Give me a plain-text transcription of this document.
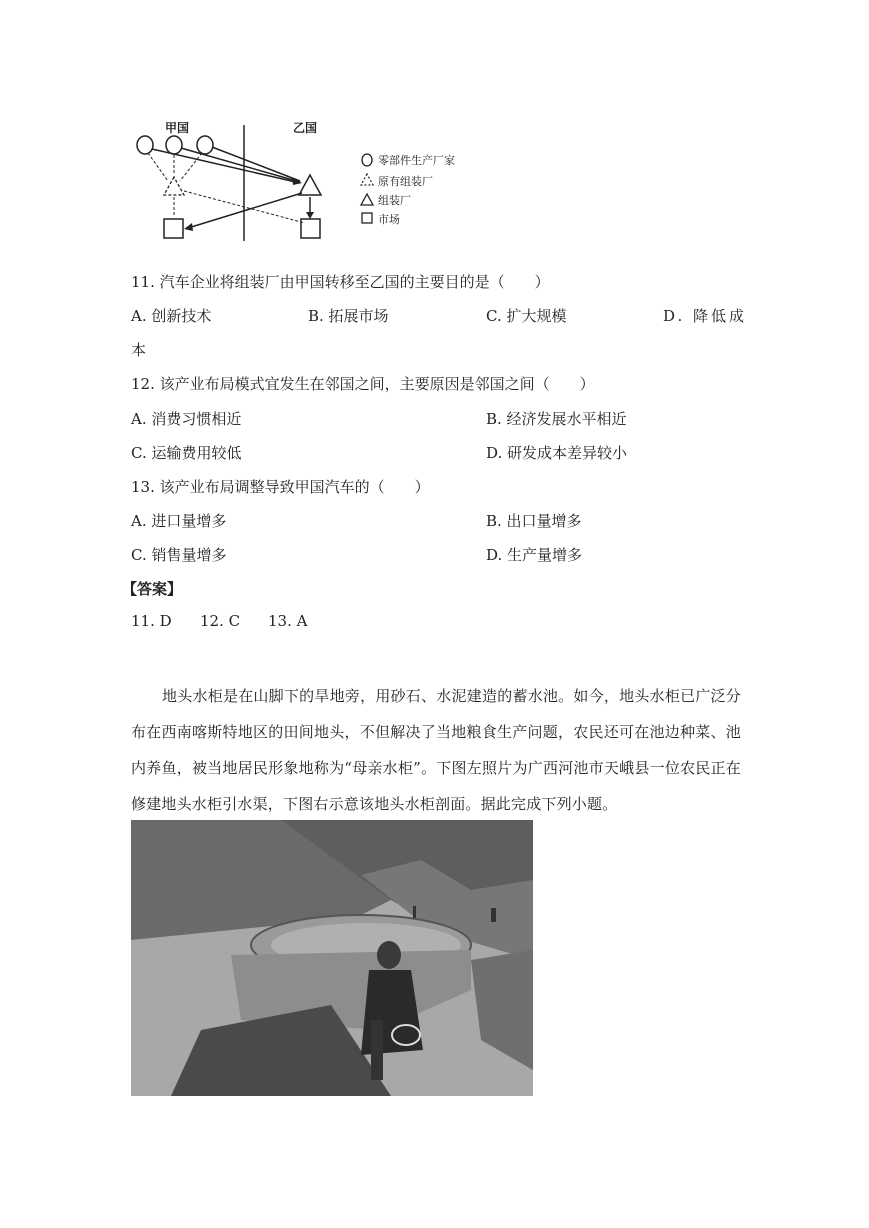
甲国	乙国
零部件生产厂家
原有组装厂
组装厂
市场
11. 汽车企业将组装厂由甲国转移至乙国的主要目的是（　　）
A. 创新技术	B. 拓展市场	C. 扩大规模	D. 降低成
本
12. 该产业布局模式宜发生在邻国之间，主要原因是邻国之间（　　）
A. 消费习惯相近	B. 经济发展水平相近
C. 运输费用较低	D. 研发成本差异较小
13. 该产业布局调整导致甲国汽车的（　　）
A. 进口量增多	B. 出口量增多
C. 销售量增多	D. 生产量增多
【答案】
11. D 12. C 13. A
地头水柜是在山脚下的旱地旁，用砂石、水泥建造的蓄水池。如今，地头水柜已广泛分布在西南喀斯特地区的田间地头，不但解决了当地粮食生产问题，农民还可在池边种菜、池内养鱼，被当地居民形象地称为“母亲水柜”。下图左照片为广西河池市天峨县一位农民正在修建地头水柜引水渠，下图右示意该地头水柜剖面。据此完成下列小题。
